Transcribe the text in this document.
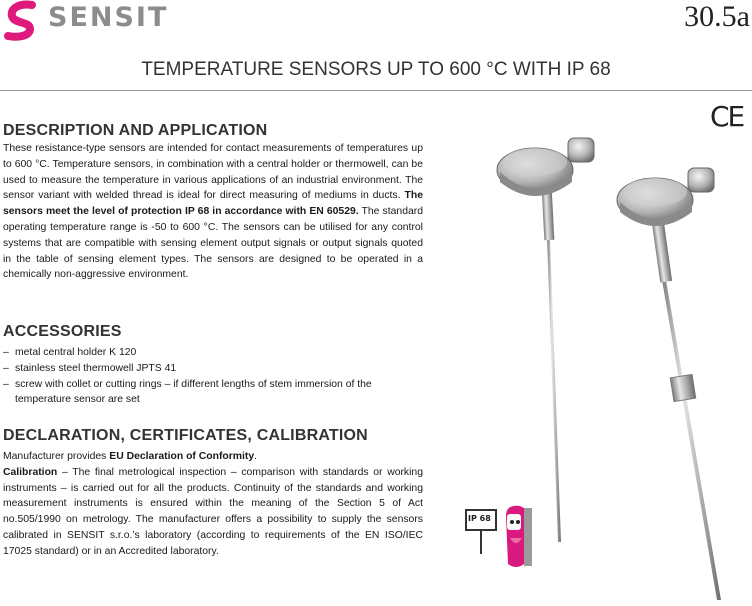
SENSIT	30.5a
TEMPERATURE SENSORS UP TO 600 °C WITH IP 68
CE
DESCRIPTION AND APPLICATION

These resistance-type sensors are intended for contact measurements of temperatures up to 600 °C. Temperature sensors, in combination with a central holder or thermowell, can be used to measure the temperature in various applications of an industrial environment. The sensor variant with welded thread is ideal for direct measuring of mediums in ducts. The sensors meet the level of protection IP 68 in accordance with EN 60529. The standard operating temperature range is -50 to 600 °C. The sensors can be utilised for any control systems that are compatible with sensing element output signals or output signals quoted in the table of sensing element types. The sensors are designed to be operated in a chemically non-aggressive environment.

ACCESSORIES
– metal central holder K 120
– stainless steel thermowell JPTS 41
– screw with collet or cutting rings – if different lengths of stem immersion of the temperature sensor are set
DECLARATION, CERTIFICATES, CALIBRATION

Manufacturer provides EU Declaration of Conformity.

Calibration – The final metrological inspection – comparison with standards or working instruments – is carried out for all the products. Continuity of the standards and working measurement instruments is ensured within the meaning of the Section 5 of Act no.505/1990 on metrology. The manufacturer offers a possibility to supply the sensors calibrated in SENSIT s.r.o.’s laboratory (according to requirements of the EN ISO/IEC 17025 standard) or in an Accredited laboratory.

IP 68
